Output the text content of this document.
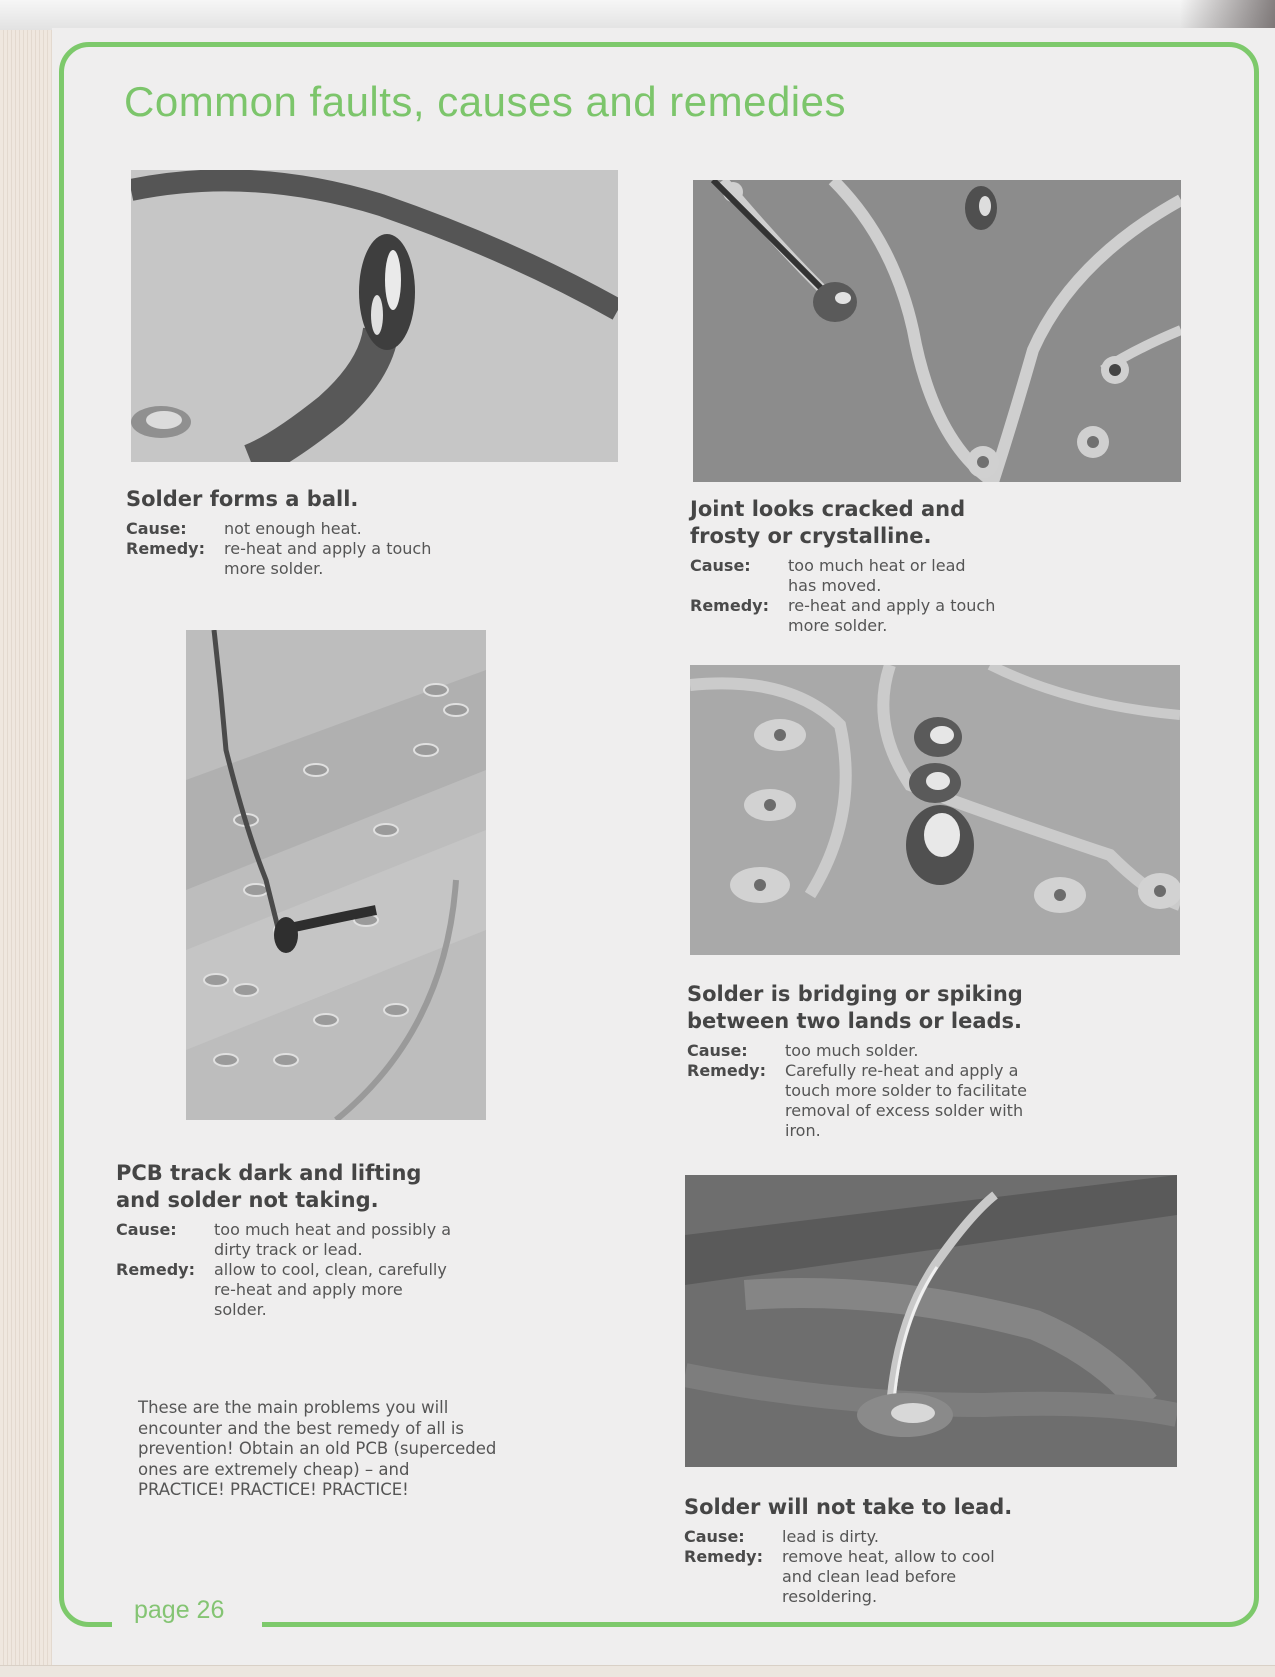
Common faults, causes and remedies
Solder forms a ball.
Cause:	not enough heat.
Remedy:	re-heat and apply a touch more solder.
Joint looks cracked and frosty or crystalline.
Cause:	too much heat or lead has moved.
Remedy:	re-heat and apply a touch more solder.
PCB track dark and lifting and solder not taking.
Cause:	too much heat and possibly a dirty track or lead.
Remedy:	allow to cool, clean, carefully re-heat and apply more solder.
Solder is bridging or spiking between two lands or leads.
Cause:	too much solder.
Remedy:	Carefully re-heat and apply a touch more solder to facilitate removal of excess solder with iron.
Solder will not take to lead.
Cause:	lead is dirty.
Remedy:	remove heat, allow to cool and clean lead before resoldering.

These are the main problems you will encounter and the best remedy of all is prevention! Obtain an old PCB (superceded ones are extremely cheap) – and PRACTICE! PRACTICE! PRACTICE!

page 26
